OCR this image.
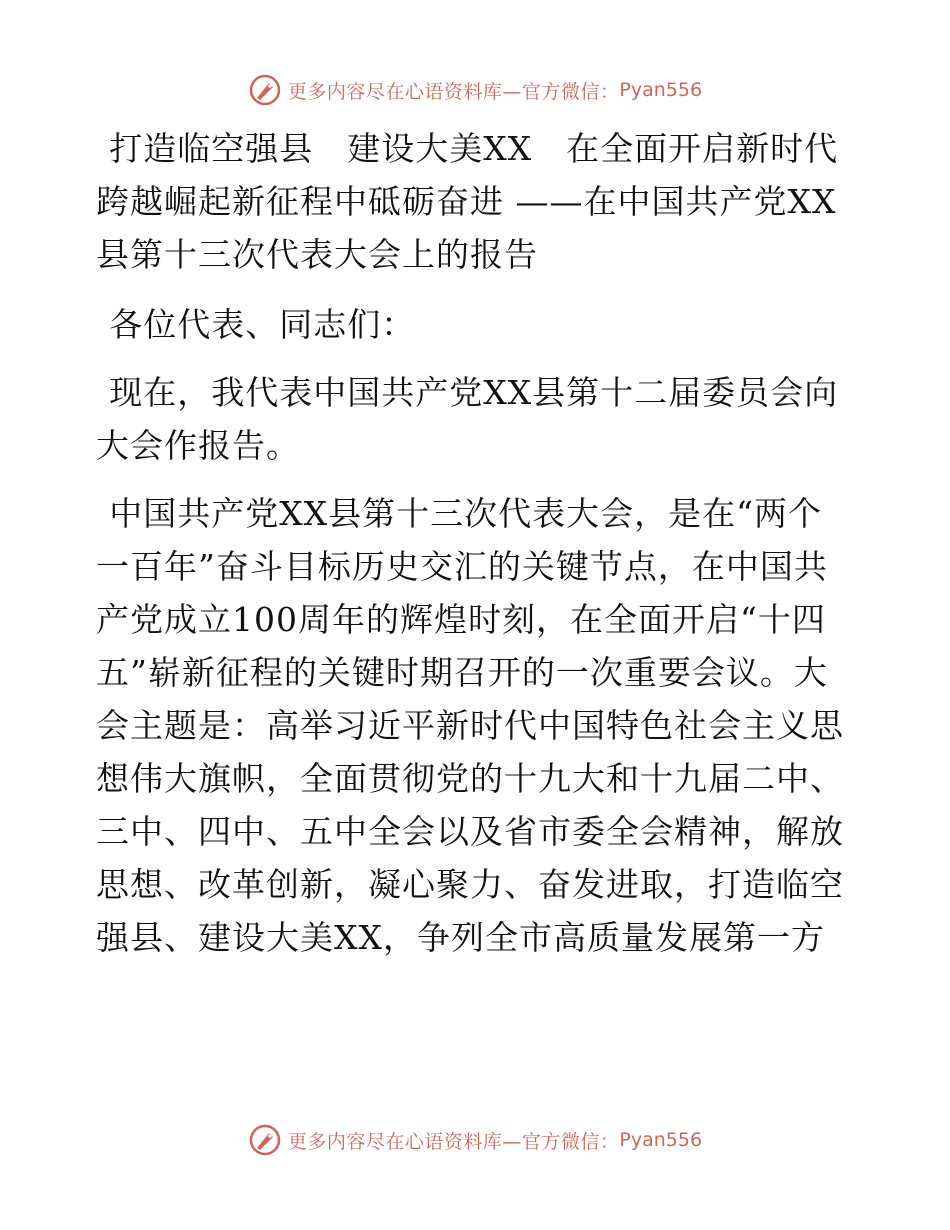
更多内容尽在心语资料库—官方微信： Pyan556

打造临空强县　建设大美XX　在全面开启新时代跨越崛起新征程中砥砺奋进 ——在中国共产党XX县第十三次代表大会上的报告

各位代表、同志们：

现在，我代表中国共产党XX县第十二届委员会向大会作报告。

中国共产党XX县第十三次代表大会，是在“两个一百年”奋斗目标历史交汇的关键节点，在中国共产党成立100周年的辉煌时刻，在全面开启“十四五”崭新征程的关键时期召开的一次重要会议。大会主题是：高举习近平新时代中国特色社会主义思想伟大旗帜，全面贯彻党的十九大和十九届二中、三中、四中、五中全会以及省市委全会精神，解放思想、改革创新，凝心聚力、奋发进取，打造临空强县、建设大美XX，争列全市高质量发展第一方

更多内容尽在心语资料库—官方微信： Pyan556
